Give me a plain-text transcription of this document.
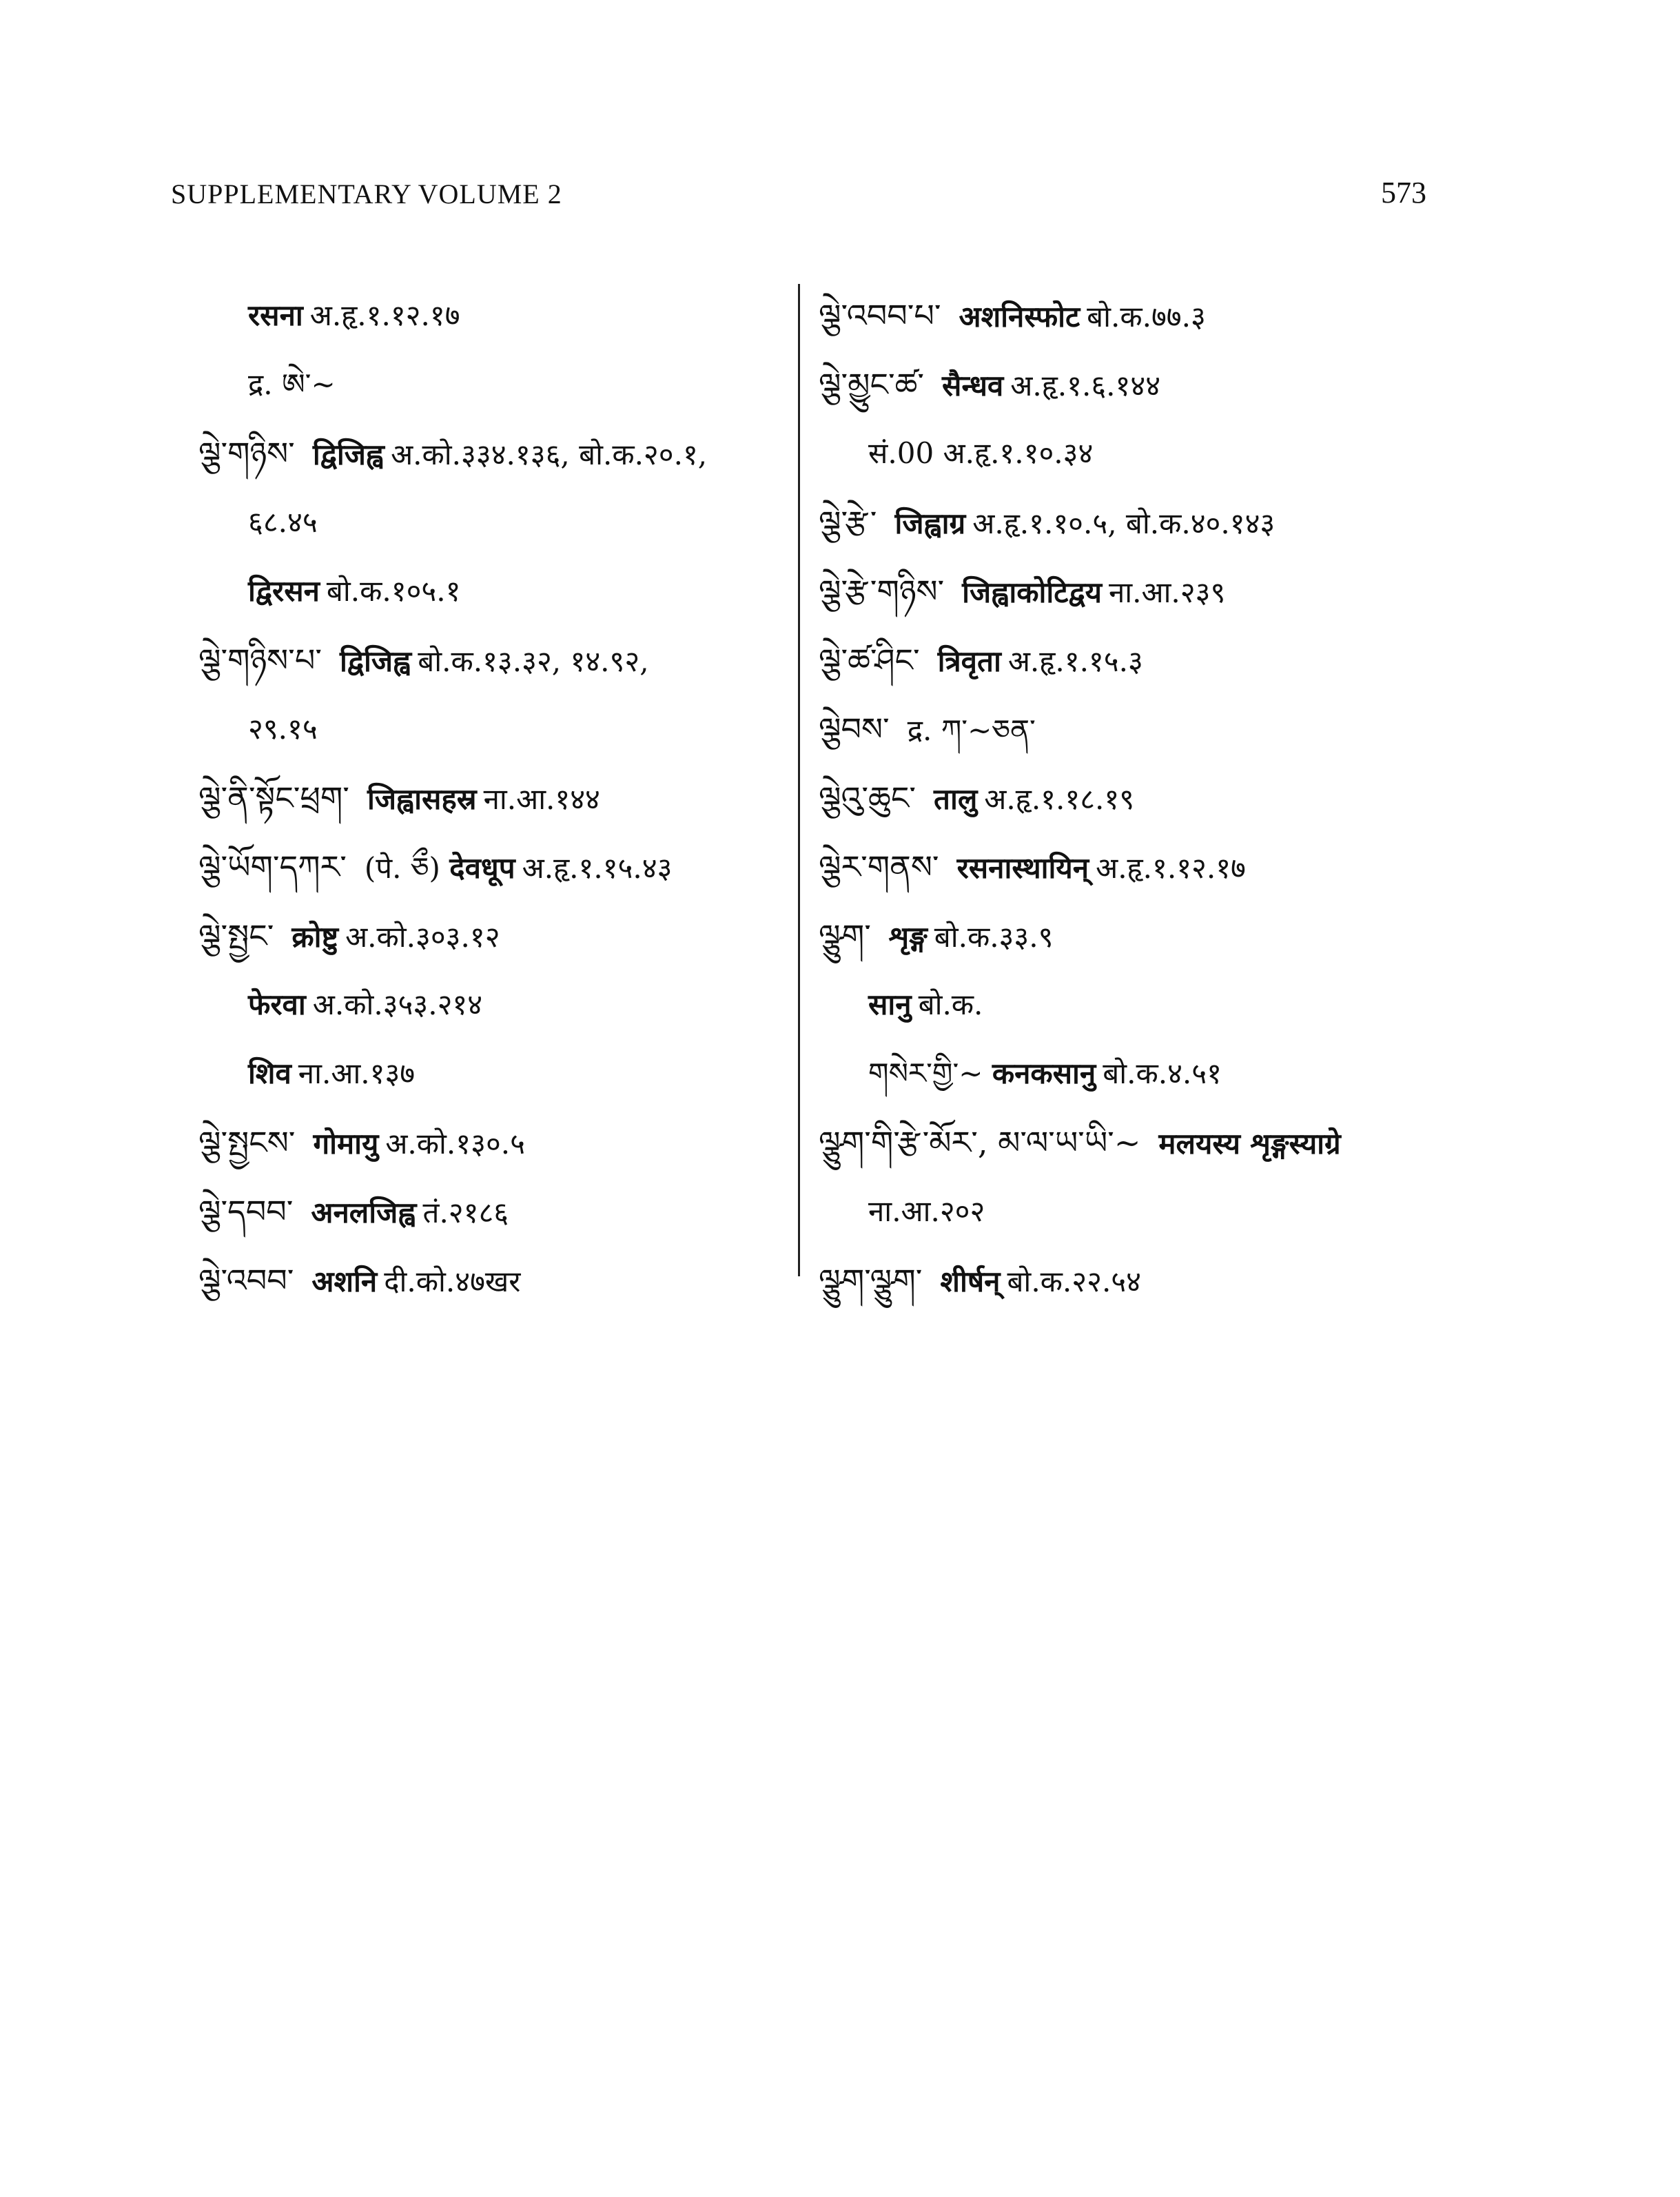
SUPPLEMENTARY VOLUME 2	573
रसना अ.हृ.१.१२.१७
द्र. ཨེ་~
ལྕེ་གཉིས་ द्विजिह्व अ.को.३३४.१३६, बो.क.२०.१,
६८.४५
द्विरसन बो.क.१०५.१
ལྕེ་གཉིས་པ་ द्विजिह्व बो.क.१३.३२, १४.९२,
२९.१५
ལྕེ་ནི་སྟོང་ཕྲག་ जिह्वासहस्र ना.आ.१४४
ལྕེ་ཡོག་དཀར་ (पे. ཅྀ) देवधूप अ.हृ.१.१५.४३
ལྕེ་སྤྱང་ क्रोष्टु अ.को.३०३.१२
फेरवा अ.को.३५३.२१४
शिव ना.आ.१३७
ལྕེ་སྤྱངས་ गोमायु अ.को.१३०.५
ལྕེ་དབབ་ अनलजिह्व तं.२१८६
ལྕེ་འབབ་ अशनि दी.को.४७खर
ལྕེ་འབབ་པ་ अशनिस्फोट बो.क.७७.३
ལྕེ་མྱུང་ཚ་ सैन्धव अ.हृ.१.६.१४४
सं.00 अ.हृ.१.१०.३४
ལྕེ་རྩེ་ जिह्वाग्र अ.हृ.१.१०.५, बो.क.४०.१४३
ལྕེ་རྩེ་གཉིས་ जिह्वाकोटिद्वय ना.आ.२३९
ལྕེ་ཚ་ཤིང་ त्रिवृता अ.हृ.१.१५.३
ལྕེབས་ द्र. ཀ་~ཅན་
ལྕེའུ་ཆུང་ तालु अ.हृ.१.१८.१९
ལྕེར་གནས་ रसनास्थायिन् अ.हृ.१.१२.१७
ལྩུག་ शृङ्ग बो.क.३३.९
सानु बो.क.
གསེར་གྱི་~ कनकसानु बो.क.४.५१
ལྩུག་གི་རྩེ་མོར་, མ་ལ་ཡ་ཡི་~ मलयस्य शृङ्गस्याग्रे
ना.आ.२०२
ལྩུག་ལྩུག་ शीर्षन् बो.क.२२.५४
